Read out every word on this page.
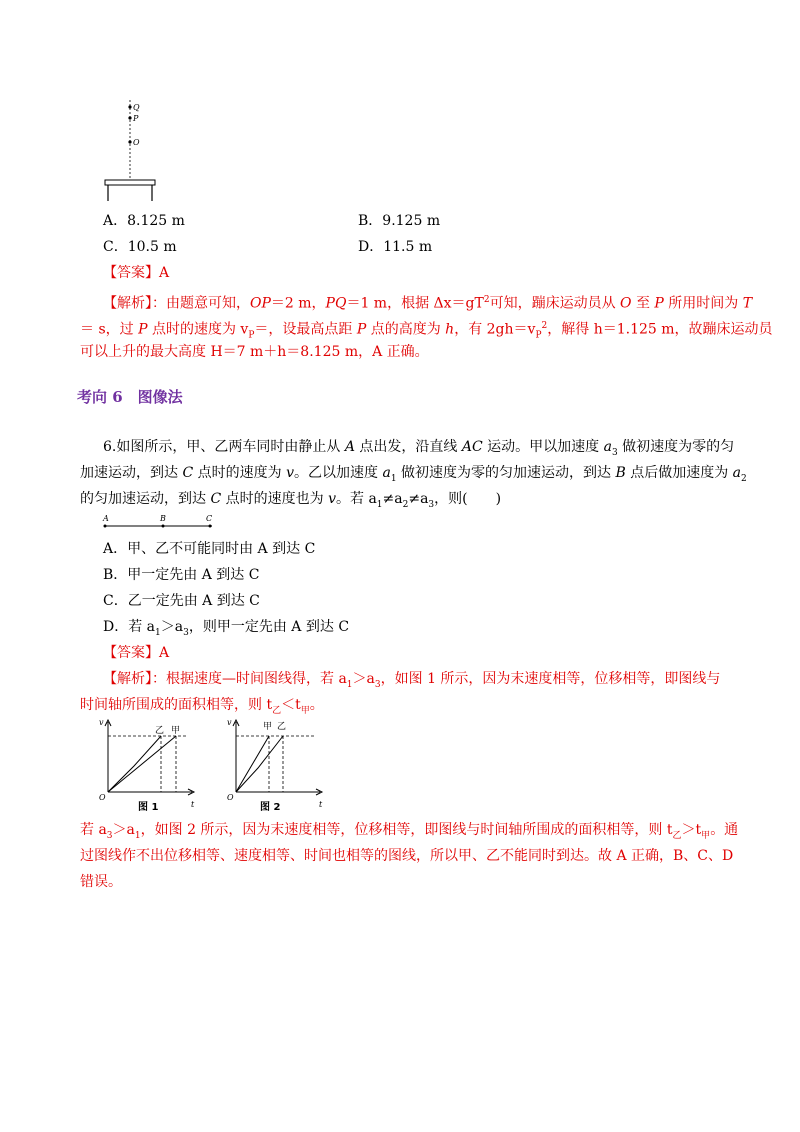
Q
P
O
A．8.125 m	B．9.125 m
C．10.5 m	D．11.5 m
【答案】A
【解析】：由题意可知，OP＝2 m，PQ＝1 m，根据 $\Delta x=gT^2$可知，蹦床运动员从 O 至 P 所用时间为 T
＝ s，过 P 点时的速度为 $v_P=$，设最高点距 P 点的高度为 h，有 $2gh=v_P^2$，解得 h＝1.125 m，故蹦床运动员
可以上升的最大高度 H＝7 m＋h＝8.125 m，A 正确。
考向 6　图像法
6.如图所示，甲、乙两车同时由静止从 A 点出发，沿直线 AC 运动。甲以加速度 $a_3$ 做初速度为零的匀
加速运动，到达 C 点时的速度为 v。乙以加速度 $a_1$ 做初速度为零的匀加速运动，到达 B 点后做加速度为 $a_2$
的匀加速运动，到达 C 点时的速度也为 v。若 $a_1\ne a_2\ne a_3$，则(　　)
A	B	C
A．甲、乙不可能同时由 A 到达 C
B．甲一定先由 A 到达 C
C．乙一定先由 A 到达 C
D．若 $a_1>a_3$，则甲一定先由 A 到达 C
【答案】A
【解析】：根据速度—时间图线得，若 $a_1>a_3$，如图 1 所示，因为末速度相等，位移相等，即图线与
时间轴所围成的面积相等，则 $t_乙<t_甲$。
v
t
O
乙 甲
图 1
v
t
O
甲 乙
图 2
若 $a_3>a_1$，如图 2 所示，因为末速度相等，位移相等，即图线与时间轴所围成的面积相等，则 $t_乙>t_甲$。通
过图线作不出位移相等、速度相等、时间也相等的图线，所以甲、乙不能同时到达。故 A 正确，B、C、D
错误。
